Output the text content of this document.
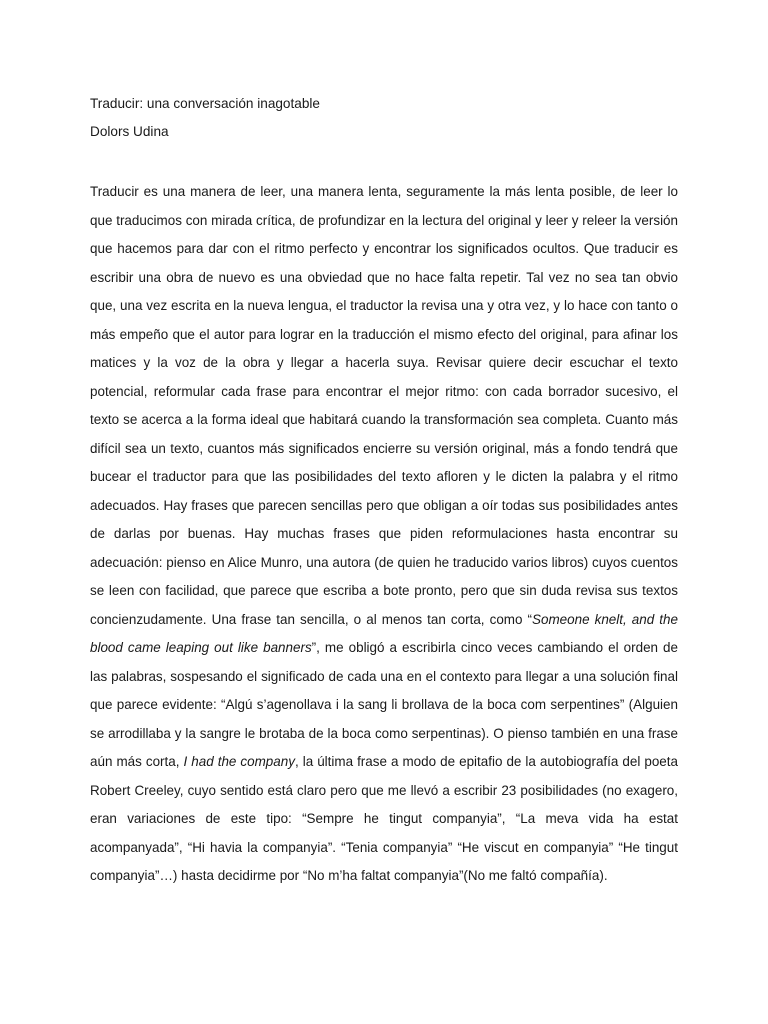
Traducir: una conversación inagotable

Dolors Udina

Traducir es una manera de leer, una manera lenta, seguramente la más lenta posible, de leer lo que traducimos con mirada crítica, de profundizar en la lectura del original y leer y releer la versión que hacemos para dar con el ritmo perfecto y encontrar los significados ocultos. Que traducir es escribir una obra de nuevo es una obviedad que no hace falta repetir. Tal vez no sea tan obvio que, una vez escrita en la nueva lengua, el traductor la revisa una y otra vez, y lo hace con tanto o más empeño que el autor para lograr en la traducción el mismo efecto del original, para afinar los matices y la voz de la obra y llegar a hacerla suya. Revisar quiere decir escuchar el texto potencial, reformular cada frase para encontrar el mejor ritmo: con cada borrador sucesivo, el texto se acerca a la forma ideal que habitará cuando la transformación sea completa. Cuanto más difícil sea un texto, cuantos más significados encierre su versión original, más a fondo tendrá que bucear el traductor para que las posibilidades del texto afloren y le dicten la palabra y el ritmo adecuados. Hay frases que parecen sencillas pero que obligan a oír todas sus posibilidades antes de darlas por buenas. Hay muchas frases que piden reformulaciones hasta encontrar su adecuación: pienso en Alice Munro, una autora (de quien he traducido varios libros) cuyos cuentos se leen con facilidad, que parece que escriba a bote pronto, pero que sin duda revisa sus textos concienzudamente. Una frase tan sencilla, o al menos tan corta, como “Someone knelt, and the blood came leaping out like banners”, me obligó a escribirla cinco veces cambiando el orden de las palabras, sospesando el significado de cada una en el contexto para llegar a una solución final que parece evidente: “Algú s’agenollava i la sang li brollava de la boca com serpentines” (Alguien se arrodillaba y la sangre le brotaba de la boca como serpentinas). O pienso también en una frase aún más corta, I had the company, la última frase a modo de epitafio de la autobiografía del poeta Robert Creeley, cuyo sentido está claro pero que me llevó a escribir 23 posibilidades (no exagero, eran variaciones de este tipo: “Sempre he tingut companyia”, “La meva vida ha estat acompanyada”, “Hi havia la companyia”. “Tenia companyia” “He viscut en companyia” “He tingut companyia”…) hasta decidirme por “No m’ha faltat companyia”(No me faltó compañía).
